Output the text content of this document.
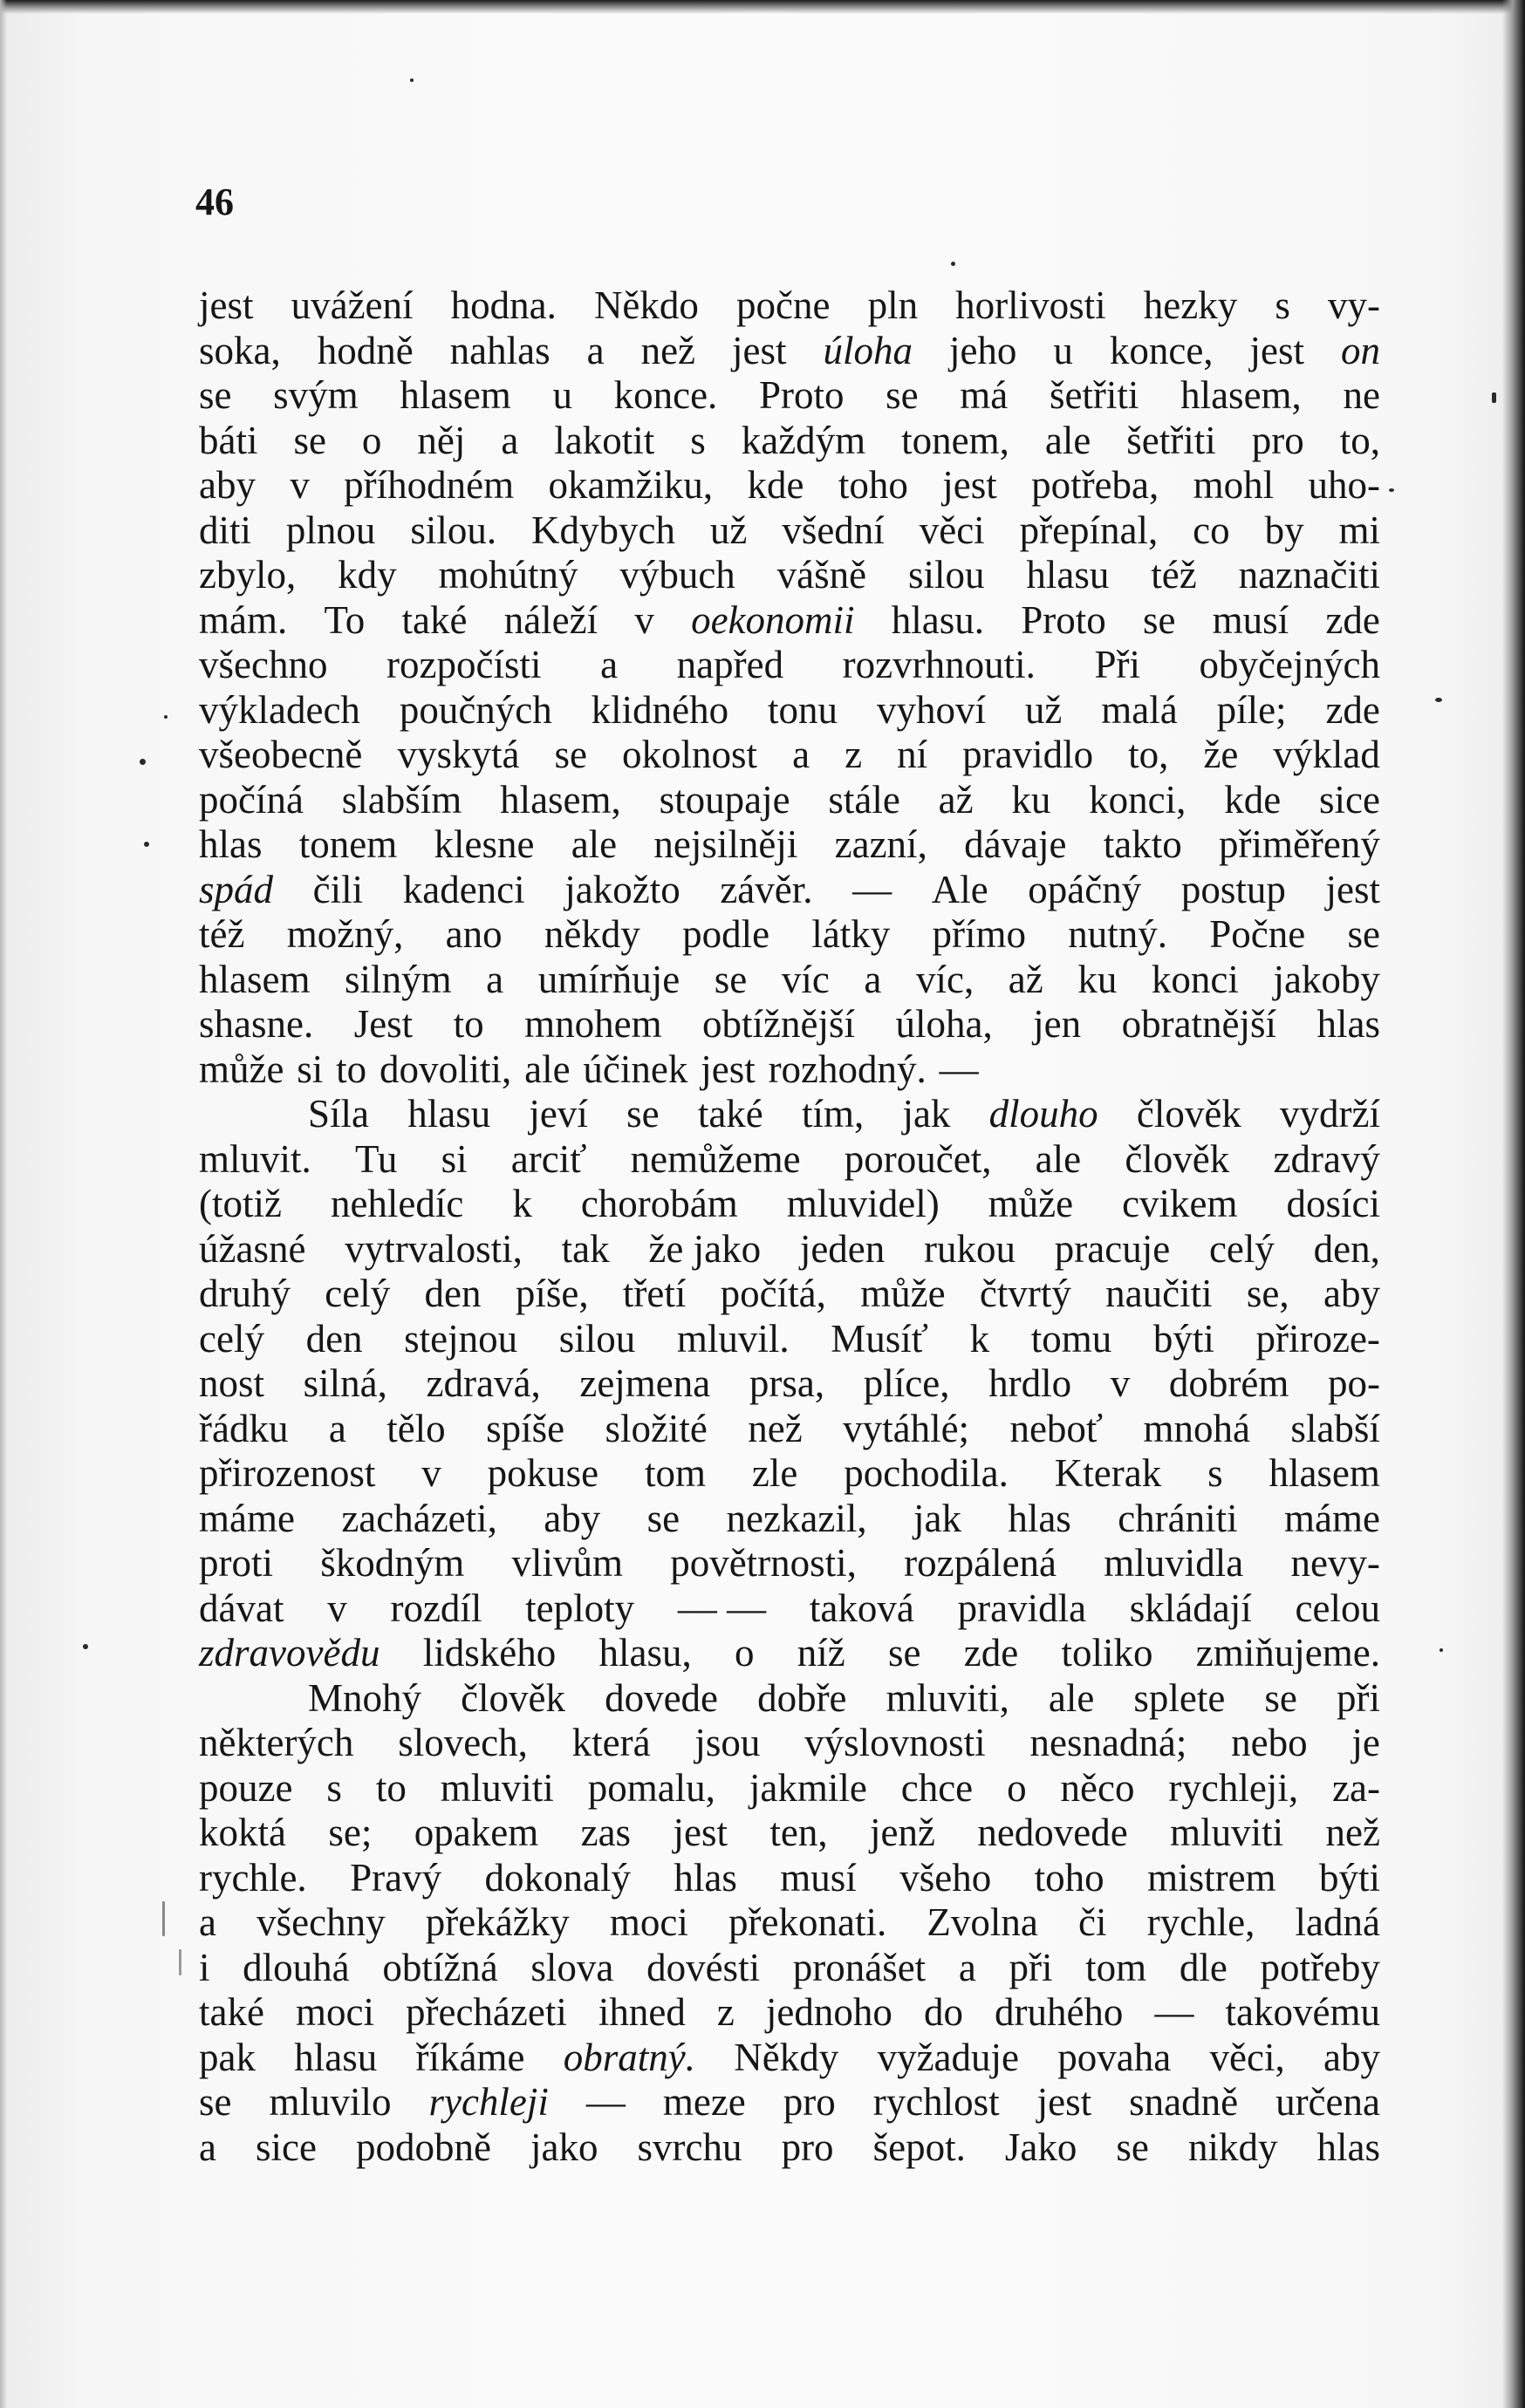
46
jest uvážení hodna. Někdo počne pln horlivosti hezky s vy-
soka, hodně nahlas a než jest úloha jeho u konce, jest on
se svým hlasem u konce. Proto se má šetřiti hlasem, ne
báti se o něj a lakotit s každým tonem, ale šetřiti pro to,
aby v příhodném okamžiku, kde toho jest potřeba, mohl uho-
diti plnou silou. Kdybych už všední věci přepínal, co by mi
zbylo, kdy mohútný výbuch vášně silou hlasu též naznačiti
mám. To také náleží v oekonomii hlasu. Proto se musí zde
všechno rozpočísti a napřed rozvrhnouti. Při obyčejných
výkladech poučných klidného tonu vyhoví už malá píle; zde
všeobecně vyskytá se okolnost a z ní pravidlo to, že výklad
počíná slabším hlasem, stoupaje stále až ku konci, kde sice
hlas tonem klesne ale nejsilněji zazní, dávaje takto přiměřený
spád čili kadenci jakožto závěr. — Ale opáčný postup jest
též možný, ano někdy podle látky přímo nutný. Počne se
hlasem silným a umírňuje se víc a víc, až ku konci jakoby
shasne. Jest to mnohem obtížnější úloha, jen obratnější hlas
může si to dovoliti, ale účinek jest rozhodný. —
Síla hlasu jeví se také tím, jak dlouho člověk vydrží
mluvit. Tu si arciť nemůžeme poroučet, ale člověk zdravý
(totiž nehledíc k chorobám mluvidel) může cvikem dosíci
úžasné vytrvalosti, tak že jako jeden rukou pracuje celý den,
druhý celý den píše, třetí počítá, může čtvrtý naučiti se, aby
celý den stejnou silou mluvil. Musíť k tomu býti přiroze-
nost silná, zdravá, zejmena prsa, plíce, hrdlo v dobrém po-
řádku a tělo spíše složité než vytáhlé; neboť mnohá slabší
přirozenost v pokuse tom zle pochodila. Kterak s hlasem
máme zacházeti, aby se nezkazil, jak hlas chrániti máme
proti škodným vlivům povětrnosti, rozpálená mluvidla nevy-
dávat v rozdíl teploty — — taková pravidla skládají celou
zdravovědu lidského hlasu, o níž se zde toliko zmiňujeme.
Mnohý člověk dovede dobře mluviti, ale splete se při
některých slovech, která jsou výslovnosti nesnadná; nebo je
pouze s to mluviti pomalu, jakmile chce o něco rychleji, za-
koktá se; opakem zas jest ten, jenž nedovede mluviti než
rychle. Pravý dokonalý hlas musí všeho toho mistrem býti
a všechny překážky moci překonati. Zvolna či rychle, ladná
i dlouhá obtížná slova dovésti pronášet a při tom dle potřeby
také moci přecházeti ihned z jednoho do druhého — takovému
pak hlasu říkáme obratný. Někdy vyžaduje povaha věci, aby
se mluvilo rychleji — meze pro rychlost jest snadně určena
a sice podobně jako svrchu pro šepot. Jako se nikdy hlas
